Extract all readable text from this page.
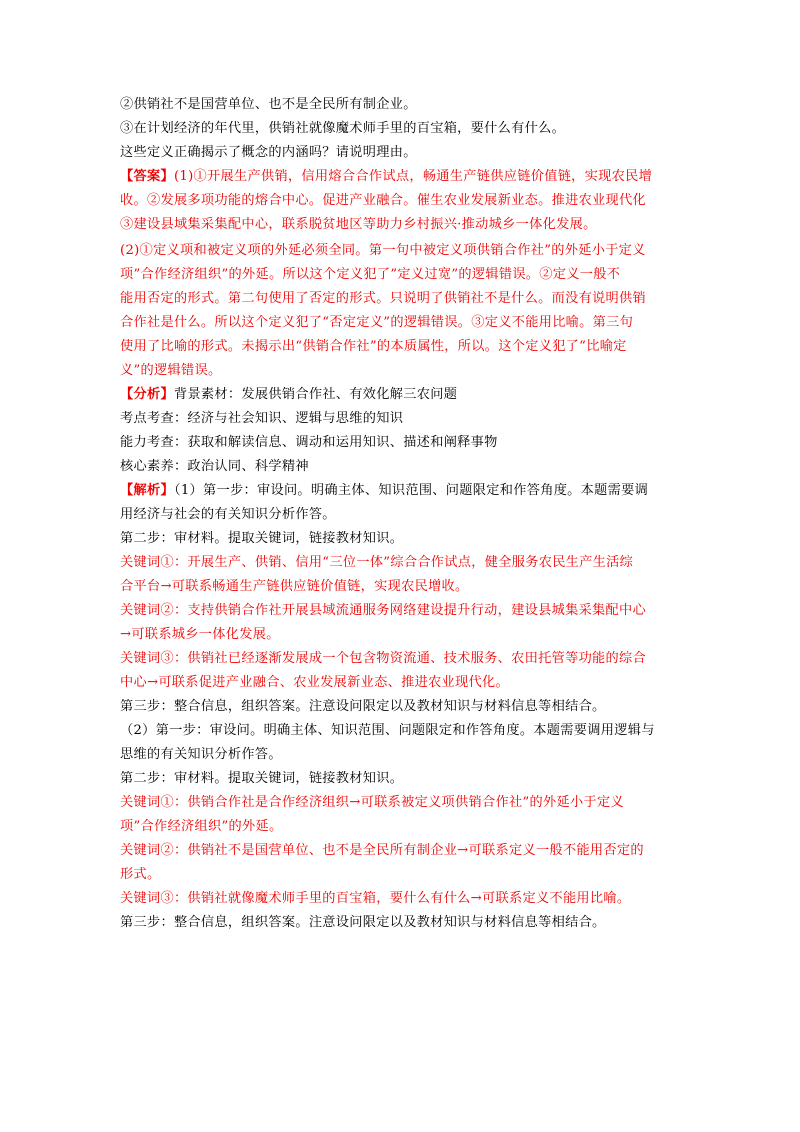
②供销社不是国营单位、也不是全民所有制企业。
③在计划经济的年代里，供销社就像魔术师手里的百宝箱，要什么有什么。
这些定义正确揭示了概念的内涵吗？请说明理由。
【答案】(1)①开展生产供销，信用熔合合作试点，畅通生产链供应链价值链，实现农民增
收。②发展多项功能的熔合中心。促进产业融合。催生农业发展新业态。推进农业现代化
③建设县域集采集配中心，联系脱贫地区等助力乡村振兴·推动城乡一体化发展。
(2)①定义项和被定义项的外延必须全同。第一句中被定义项供销合作社”的外延小于定义
项”合作经济组织”的外延。所以这个定义犯了”定义过宽”的逻辑错误。②定义一般不
能用否定的形式。第二句使用了否定的形式。只说明了供销社不是什么。而没有说明供销
合作社是什么。所以这个定义犯了“否定定义”的逻辑错误。③定义不能用比喻。第三句
使用了比喻的形式。未揭示出“供销合作社”的本质属性，所以。这个定义犯了“比喻定
义”的逻辑错误。
【分析】背景素材：发展供销合作社、有效化解三农问题
考点考查：经济与社会知识、逻辑与思维的知识
能力考查：获取和解读信息、调动和运用知识、描述和阐释事物
核心素养：政治认同、科学精神
【解析】（1）第一步：审设问。明确主体、知识范围、问题限定和作答角度。本题需要调
用经济与社会的有关知识分析作答。
第二步：审材料。提取关键词，链接教材知识。
关键词①：开展生产、供销、信用“三位一体”综合合作试点，健全服务农民生产生活综
合平台→可联系畅通生产链供应链价值链，实现农民增收。
关键词②：支持供销合作社开展县域流通服务网络建设提升行动，建设县城集采集配中心
→可联系城乡一体化发展。
关键词③：供销社已经逐渐发展成一个包含物资流通、技术服务、农田托管等功能的综合
中心→可联系促进产业融合、农业发展新业态、推进农业现代化。
第三步：整合信息，组织答案。注意设问限定以及教材知识与材料信息等相结合。
（2）第一步：审设问。明确主体、知识范围、问题限定和作答角度。本题需要调用逻辑与
思维的有关知识分析作答。
第二步：审材料。提取关键词，链接教材知识。
关键词①：供销合作社是合作经济组织→可联系被定义项供销合作社”的外延小于定义
项”合作经济组织”的外延。
关键词②：供销社不是国营单位、也不是全民所有制企业→可联系定义一般不能用否定的
形式。
关键词③：供销社就像魔术师手里的百宝箱，要什么有什么→可联系定义不能用比喻。
第三步：整合信息，组织答案。注意设问限定以及教材知识与材料信息等相结合。
